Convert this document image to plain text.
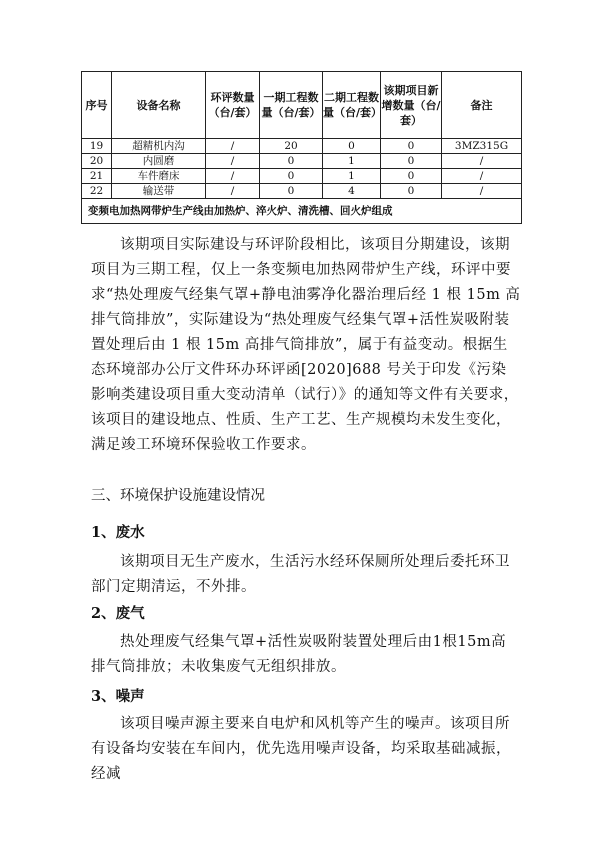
序号	设备名称	环评数量（台/套）	一期工程数量（台/套）	二期工程数量（台/套）	该期项目新增数量（台/套）	备注
19	超精机内沟	/	20	0	0	3MZ315G
20	内圆磨	/	0	1	0	/
21	车件磨床	/	0	1	0	/
22	输送带	/	0	4	0	/
变频电加热网带炉生产线由加热炉、淬火炉、清洗槽、回火炉组成						

该期项目实际建设与环评阶段相比，该项目分期建设，该期项目为三期工程，仅上一条变频电加热网带炉生产线，环评中要求“热处理废气经集气罩+静电油雾净化器治理后经 1 根 15m 高排气筒排放”，实际建设为“热处理废气经集气罩+活性炭吸附装置处理后由 1 根 15m 高排气筒排放”，属于有益变动。根据生态环境部办公厅文件环办环评函[2020]688 号关于印发《污染影响类建设项目重大变动清单（试行）》的通知等文件有关要求，该项目的建设地点、性质、生产工艺、生产规模均未发生变化，满足竣工环境环保验收工作要求。

三、环境保护设施建设情况
1、废水

该期项目无生产废水，生活污水经环保厕所处理后委托环卫部门定期清运，不外排。

2、废气

热处理废气经集气罩+活性炭吸附装置处理后由1根15m高排气筒排放；未收集废气无组织排放。

3、噪声

该项目噪声源主要来自电炉和风机等产生的噪声。该项目所有设备均安装在车间内，优先选用噪声设备，均采取基础减振，经减
